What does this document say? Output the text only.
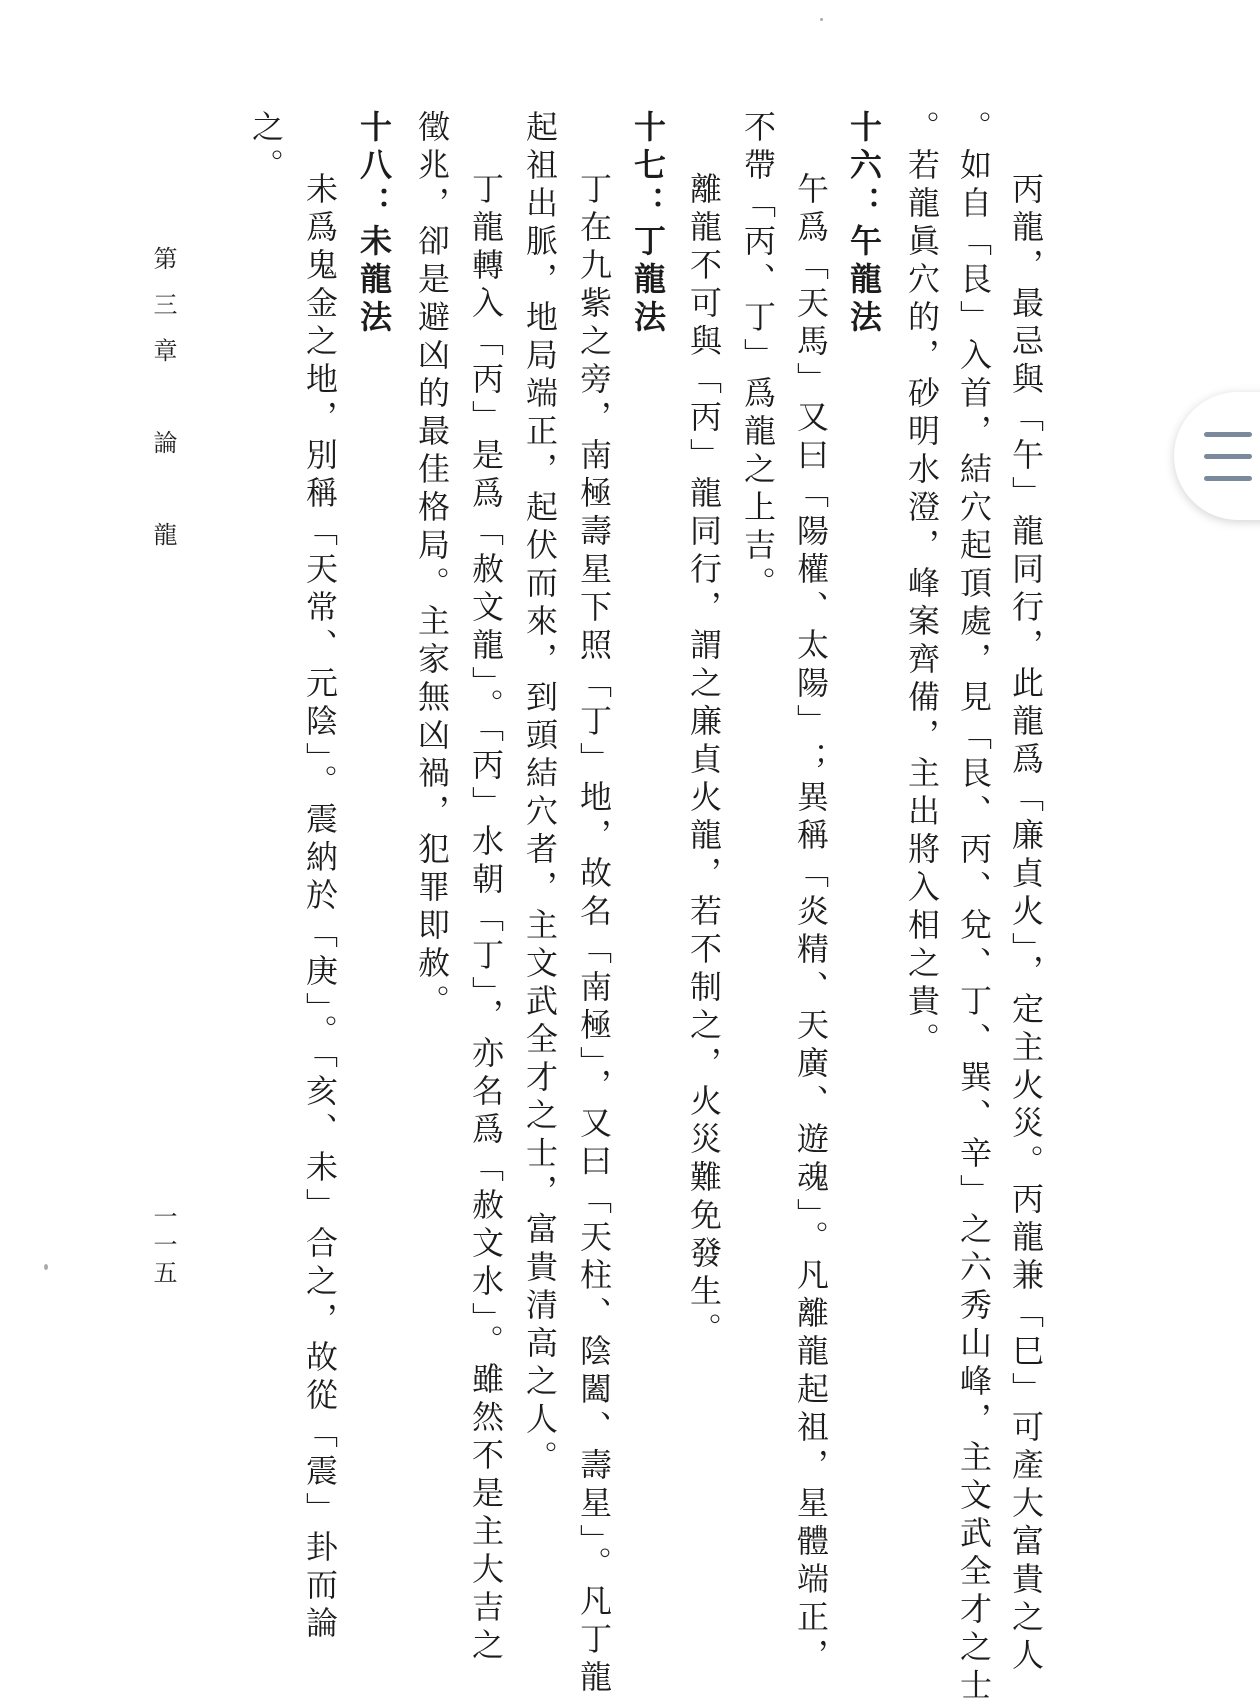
丙龍，最忌與「午」龍同行，此龍爲「廉貞火」，定主火災。丙龍兼「巳」可產大富貴之人
。如自「艮」入首，結穴起頂處，見「艮、丙、兌、丁、巽、辛」之六秀山峰，主文武全才之士
。若龍眞穴的，砂明水澄，峰案齊備，主出將入相之貴。
十六：午龍法
午爲「天馬」又曰「陽權、太陽」；異稱「炎精、天廣、遊魂」。凡離龍起祖，星體端正，
不帶「丙、丁」爲龍之上吉。
離龍不可與「丙」龍同行，謂之廉貞火龍，若不制之，火災難免發生。
十七：丁龍法
丁在九紫之旁，南極壽星下照「丁」地，故名「南極」，又曰「天柱、陰闔、壽星」。凡丁龍
起祖出脈，地局端正，起伏而來，到頭結穴者，主文武全才之士，富貴清高之人。
丁龍轉入「丙」是爲「赦文龍」。「丙」水朝「丁」，亦名爲「赦文水」。雖然不是主大吉之
徵兆，卻是避凶的最佳格局。主家無凶禍，犯罪即赦。
十八：未龍法
未爲鬼金之地，別稱「天常、元陰」。震納於「庚」。「亥、未」合之，故從「震」卦而論
之。
第三章　論　龍
一一五
